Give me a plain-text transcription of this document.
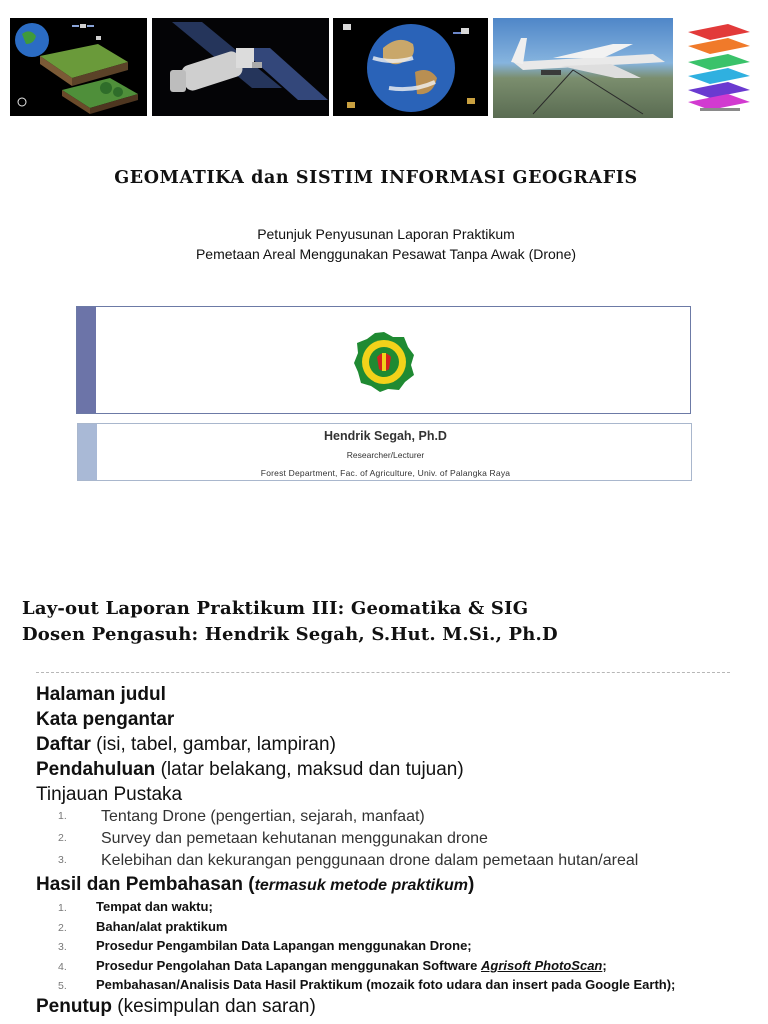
GEOMATIKA dan SISTIM INFORMASI GEOGRAFIS
Petunjuk Penyusunan Laporan Praktikum
Pemetaan Areal Menggunakan Pesawat Tanpa Awak (Drone)
Hendrik Segah, Ph.D
Researcher/Lecturer
Forest Department, Fac. of Agriculture, Univ. of Palangka Raya
Lay-out Laporan Praktikum III: Geomatika & SIG
Dosen Pengasuh: Hendrik Segah, S.Hut. M.Si., Ph.D
Halaman judul
Kata pengantar
Daftar (isi, tabel, gambar, lampiran)
Pendahuluan (latar belakang, maksud dan tujuan)
Tinjauan Pustaka
1. Tentang Drone (pengertian, sejarah, manfaat)
2. Survey dan pemetaan kehutanan menggunakan drone
3. Kelebihan dan kekurangan penggunaan drone dalam pemetaan hutan/areal
Hasil dan Pembahasan (termasuk metode praktikum)
1. Tempat dan waktu;
2. Bahan/alat praktikum
3. Prosedur Pengambilan Data Lapangan menggunakan Drone;
4. Prosedur Pengolahan Data Lapangan menggunakan Software Agrisoft PhotoScan;
5. Pembahasan/Analisis Data Hasil Praktikum (mozaik foto udara dan insert pada Google Earth);
Penutup (kesimpulan dan saran)
